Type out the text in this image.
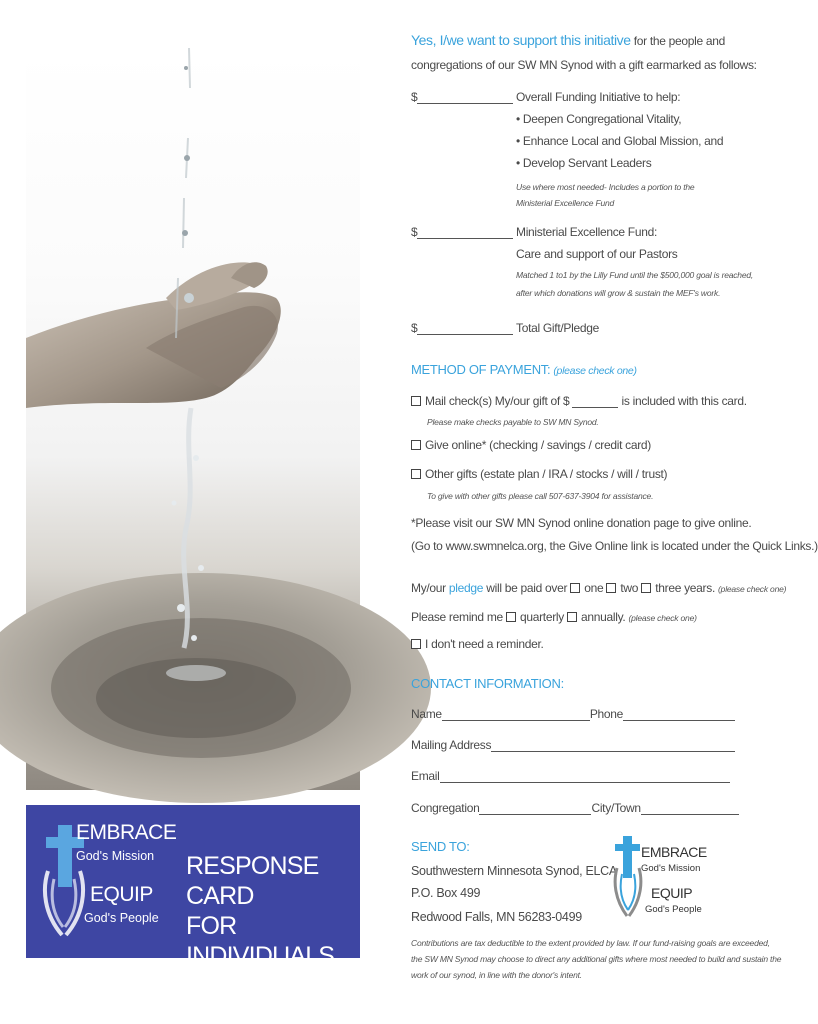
EMBRACE
God's Mission
EQUIP
God's People
RESPONSE CARD
FOR INDIVIDUALS
Yes, I/we want to support this initiative for the people and
congregations of our SW MN Synod with a gift earmarked as follows:
$	Overall Funding Initiative to help:
• Deepen Congregational Vitality,
• Enhance Local and Global Mission, and
• Develop Servant Leaders
Use where most needed- Includes a portion to the
Ministerial Excellence Fund
$	Ministerial Excellence Fund:
Care and support of our Pastors
Matched 1 to1 by the Lilly Fund until the $500,000 goal is reached,
after which donations will grow & sustain the MEF's work.
$	Total Gift/Pledge
METHOD OF PAYMENT: (please check one)
Mail check(s) My/our gift of $	is included with this card.
Please make checks payable to SW MN Synod.
Give online* (checking / savings / credit card)
Other gifts (estate plan / IRA / stocks / will / trust)
To give with other gifts please call 507-637-3904 for assistance.
*Please visit our SW MN Synod online donation page to give online.
(Go to www.swmnelca.org, the Give Online link is located under the Quick Links.)
My/our pledge will be paid over one two three years. (please check one)
Please remind me quarterly annually. (please check one)
I don't need a reminder.
CONTACT INFORMATION:
Name	Phone
Mailing Address
Email
Congregation	City/Town
SEND TO:
Southwestern Minnesota Synod, ELCA
P.O. Box 499
Redwood Falls, MN 56283-0499
EMBRACE
God's Mission
EQUIP
God's People
Contributions are tax deductible to the extent provided by law. If our fund-raising goals are exceeded,
the SW MN Synod may choose to direct any additional gifts where most needed to build and sustain the
work of our synod, in line with the donor's intent.
